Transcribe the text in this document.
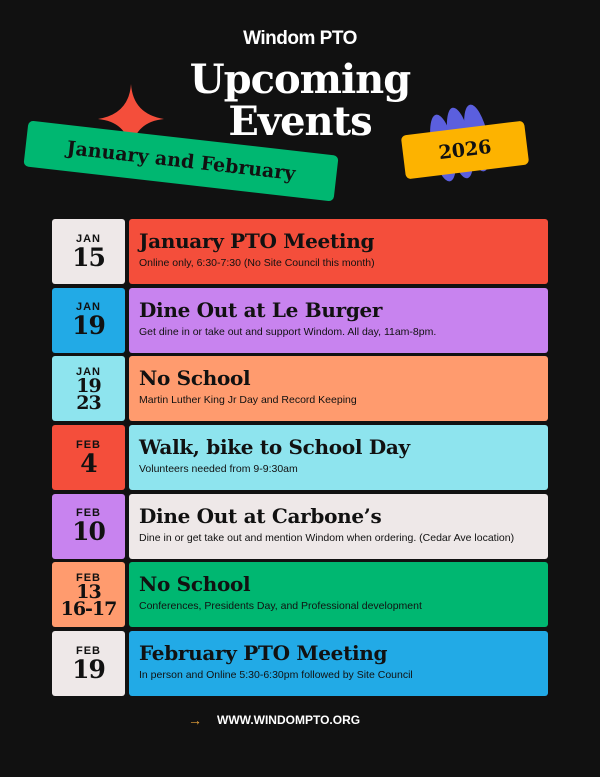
Windom PTO
Upcoming
Events
January and February	2026
JAN
15
January PTO Meeting
Online only, 6:30-7:30 (No Site Council this month)
JAN
19
Dine Out at Le Burger
Get dine in or take out and support Windom. All day, 11am-8pm.
JAN
19
23
No School
Martin Luther King Jr Day and Record Keeping
FEB
4
Walk, bike to School Day
Volunteers needed from 9-9:30am
FEB
10
Dine Out at Carbone’s
Dine in or get take out and mention Windom when ordering. (Cedar Ave location)
FEB
13
16-17
No School
Conferences, Presidents Day, and Professional development
FEB
19
February PTO Meeting
In person and Online 5:30-6:30pm followed by Site Council
→ WWW.WINDOMPTO.ORG
